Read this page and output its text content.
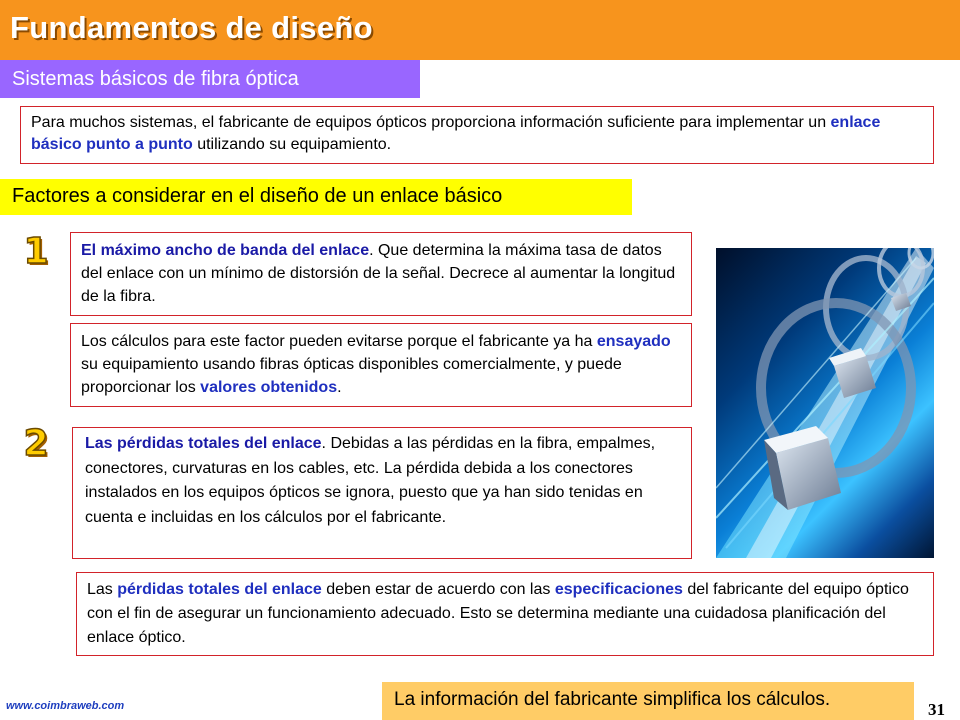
Fundamentos de diseño
Sistemas básicos de fibra óptica
Para muchos sistemas, el fabricante de equipos ópticos proporciona información suficiente para implementar un enlace básico punto a punto utilizando su equipamiento.
Factores a considerar en el diseño de un enlace básico
1	El máximo ancho de banda del enlace. Que determina la máxima tasa de datos del enlace con un mínimo de distorsión de la señal. Decrece al aumentar la longitud de la fibra.
Los cálculos para este factor pueden evitarse porque el fabricante ya ha ensayado su equipamiento usando fibras ópticas disponibles comercialmente, y puede proporcionar los valores obtenidos.
2	Las pérdidas totales del enlace. Debidas a las pérdidas en la fibra, empalmes, conectores, curvaturas en los cables, etc. La pérdida debida a los conectores instalados en los equipos ópticos se ignora, puesto que ya han sido tenidas en cuenta e incluidas en los cálculos por el fabricante.
Las pérdidas totales del enlace deben estar de acuerdo con las especificaciones del fabricante del equipo óptico con el fin de asegurar un funcionamiento adecuado. Esto se determina mediante una cuidadosa planificación del enlace óptico.
www.coimbraweb.com	La información del fabricante simplifica los cálculos.	31
